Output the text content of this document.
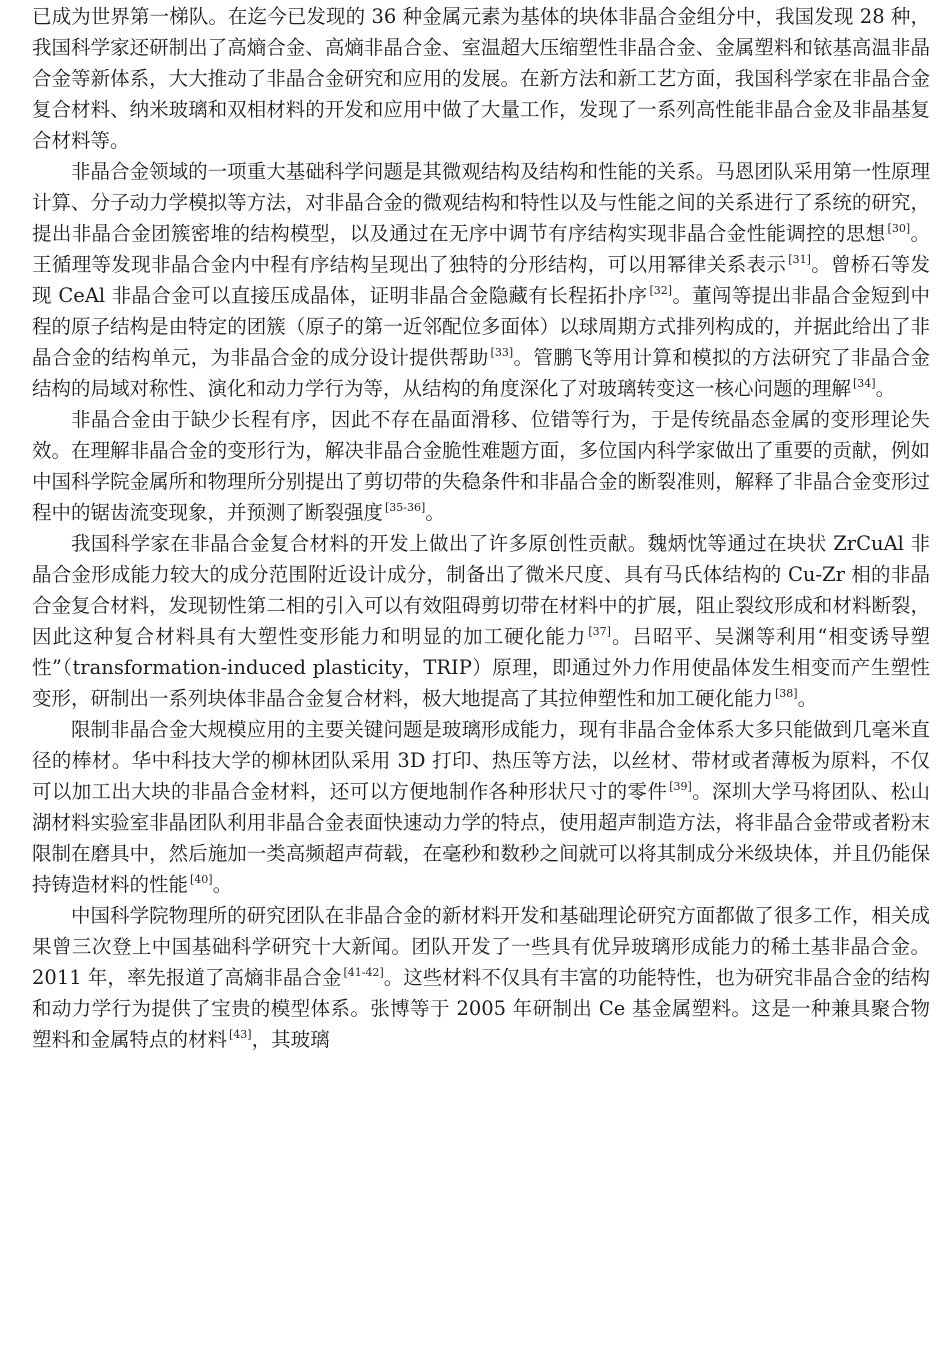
已成为世界第一梯队。在迄今已发现的 36 种金属元素为基体的块体非晶合金组分中，我国发现 28 种，我国科学家还研制出了高熵合金、高熵非晶合金、室温超大压缩塑性非晶合金、金属塑料和铱基高温非晶合金等新体系，大大推动了非晶合金研究和应用的发展。在新方法和新工艺方面，我国科学家在非晶合金复合材料、纳米玻璃和双相材料的开发和应用中做了大量工作，发现了一系列高性能非晶合金及非晶基复合材料等。

非晶合金领域的一项重大基础科学问题是其微观结构及结构和性能的关系。马恩团队采用第一性原理计算、分子动力学模拟等方法，对非晶合金的微观结构和特性以及与性能之间的关系进行了系统的研究，提出非晶合金团簇密堆的结构模型，以及通过在无序中调节有序结构实现非晶合金性能调控的思想 [30]。王循理等发现非晶合金内中程有序结构呈现出了独特的分形结构，可以用幂律关系表示 [31]。曾桥石等发现 CeAl 非晶合金可以直接压成晶体，证明非晶合金隐藏有长程拓扑序 [32]。董闯等提出非晶合金短到中程的原子结构是由特定的团簇（原子的第一近邻配位多面体）以球周期方式排列构成的，并据此给出了非晶合金的结构单元，为非晶合金的成分设计提供帮助 [33]。管鹏飞等用计算和模拟的方法研究了非晶合金结构的局域对称性、演化和动力学行为等，从结构的角度深化了对玻璃转变这一核心问题的理解 [34]。

非晶合金由于缺少长程有序，因此不存在晶面滑移、位错等行为，于是传统晶态金属的变形理论失效。在理解非晶合金的变形行为，解决非晶合金脆性难题方面，多位国内科学家做出了重要的贡献，例如中国科学院金属所和物理所分别提出了剪切带的失稳条件和非晶合金的断裂准则，解释了非晶合金变形过程中的锯齿流变现象，并预测了断裂强度 [35-36]。

我国科学家在非晶合金复合材料的开发上做出了许多原创性贡献。魏炳忱等通过在块状 ZrCuAl 非晶合金形成能力较大的成分范围附近设计成分，制备出了微米尺度、具有马氏体结构的 Cu-Zr 相的非晶合金复合材料，发现韧性第二相的引入可以有效阻碍剪切带在材料中的扩展，阻止裂纹形成和材料断裂，因此这种复合材料具有大塑性变形能力和明显的加工硬化能力 [37]。吕昭平、吴渊等利用“相变诱导塑性”（transformation-induced plasticity，TRIP）原理，即通过外力作用使晶体发生相变而产生塑性变形，研制出一系列块体非晶合金复合材料，极大地提高了其拉伸塑性和加工硬化能力 [38]。

限制非晶合金大规模应用的主要关键问题是玻璃形成能力，现有非晶合金体系大多只能做到几毫米直径的棒材。华中科技大学的柳林团队采用 3D 打印、热压等方法，以丝材、带材或者薄板为原料，不仅可以加工出大块的非晶合金材料，还可以方便地制作各种形状尺寸的零件 [39]。深圳大学马将团队、松山湖材料实验室非晶团队利用非晶合金表面快速动力学的特点，使用超声制造方法，将非晶合金带或者粉末限制在磨具中，然后施加一类高频超声荷载，在毫秒和数秒之间就可以将其制成分米级块体，并且仍能保持铸造材料的性能 [40]。

中国科学院物理所的研究团队在非晶合金的新材料开发和基础理论研究方面都做了很多工作，相关成果曾三次登上中国基础科学研究十大新闻。团队开发了一些具有优异玻璃形成能力的稀土基非晶合金。2011 年，率先报道了高熵非晶合金 [41-42]。这些材料不仅具有丰富的功能特性，也为研究非晶合金的结构和动力学行为提供了宝贵的模型体系。张博等于 2005 年研制出 Ce 基金属塑料。这是一种兼具聚合物塑料和金属特点的材料 [43]，其玻璃
